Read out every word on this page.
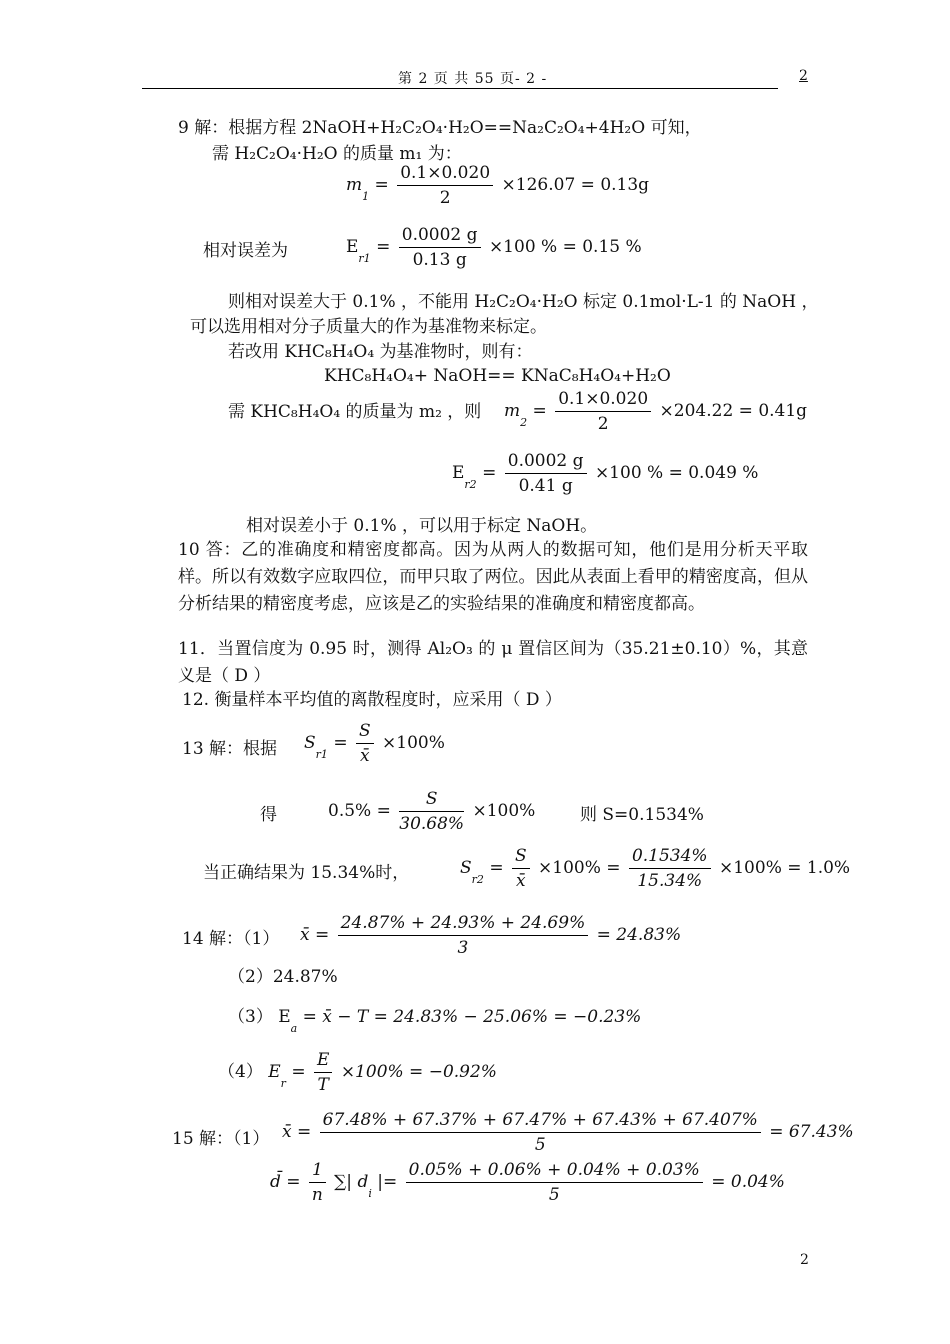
第 2 页 共 55 页- 2 -	2
9 解：根据方程 2NaOH+H₂C₂O₄·H₂O==Na₂C₂O₄+4H₂O 可知，
需 H₂C₂O₄·H₂O 的质量 m₁ 为：
$m_1 = \frac{0.1\times 0.020}{2} \times 126.07 = 0.13g$
相对误差为	$E_{r1} = \frac{0.0002 g}{0.13 g} \times 100$ % = 0.15 %
则相对误差大于 0.1% ，不能用 H₂C₂O₄·H₂O 标定 0.1mol·L-1 的 NaOH ，
可以选用相对分子质量大的作为基准物来标定。
若改用 KHC₈H₄O₄ 为基准物时，则有：
KHC₈H₄O₄+ NaOH== KNaC₈H₄O₄+H₂O
需 KHC₈H₄O₄ 的质量为 m₂ ，则 $m_2 = \frac{0.1\times 0.020}{2} \times 204.22 = 0.41g$
$E_{r2} = \frac{0.0002 g}{0.41 g} \times 100$ % = 0.049 %
相对误差小于 0.1% ，可以用于标定 NaOH。
10 答：乙的准确度和精密度都高。因为从两人的数据可知，他们是用分析天平取样。所以有效数字应取四位，而甲只取了两位。因此从表面上看甲的精密度高，但从分析结果的精密度考虑，应该是乙的实验结果的准确度和精密度都高。
11．当置信度为 0.95 时，测得 Al₂O₃ 的 μ 置信区间为（35.21±0.10）%，其意义是（ D ）
12. 衡量样本平均值的离散程度时，应采用（ D ）
13 解：根据 $S_{r1} = \frac{S}{x̄} \times 100\%$
得	$0.5\% = \frac{S}{30.68\%} \times 100\%$	则 S=0.1534%
当正确结果为 15.34%时，	$S_{r2} = \frac{S}{x̄} \times 100\% = \frac{0.1534\%}{15.34\%} \times 100\% = 1.0\%$
14 解：（1） x̄ = $\frac{24.87\% + 24.93\% + 24.69\%}{3} = 24.83\%$
（2）24.87%
（3） $E_a$ = x̄ − T = 24.83% − 25.06% = −0.23%
（4） $E_r = \frac{E}{T} \times 100\% = -0.92\%$
15 解：（1） x̄ = $\frac{67.48\% + 67.37\% + 67.47\% + 67.43\% + 67.407\%}{5} = 67.43\%$
d̄ = $\frac{1}{n}$ ∑| $d_i$ |= $\frac{0.05\% + 0.06\% + 0.04\% + 0.03\%}{5} = 0.04\%$
2
